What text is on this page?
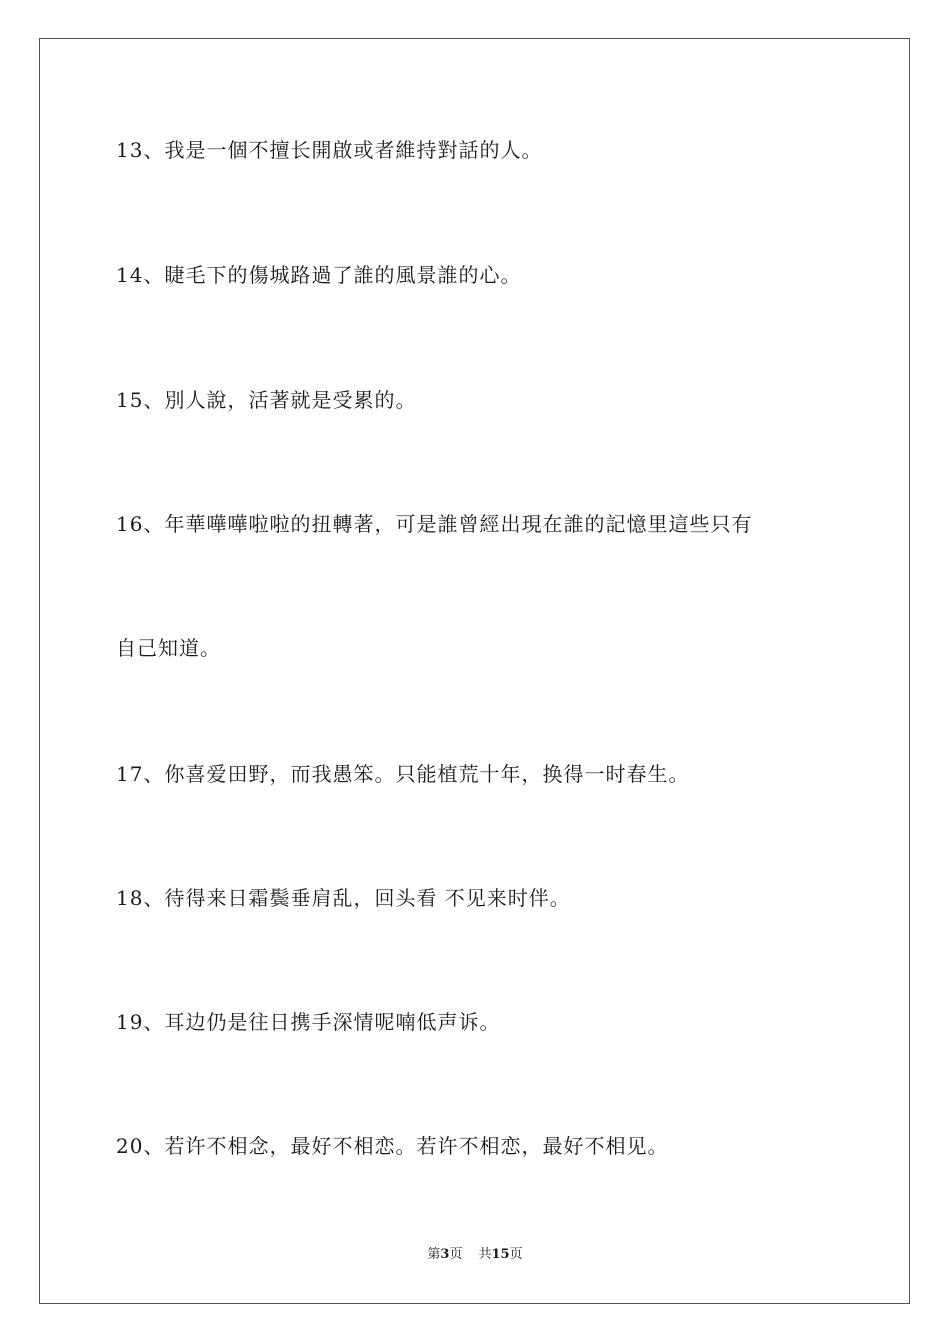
13、我是一個不擅长開啟或者維持對話的人。
14、睫毛下的傷城路過了誰的風景誰的心。
15、別人說，活著就是受累的。
16、年華嘩嘩啦啦的扭轉著，可是誰曾經出現在誰的記憶里這些只有
自己知道。
17、你喜爱田野，而我愚笨。只能植荒十年，换得一时春生。
18、待得来日霜鬓垂肩乱，回头看 不见来时伴。
19、耳边仍是往日携手深情呢喃低声诉。
20、若许不相念，最好不相恋。若许不相恋，最好不相见。
第3页 共15页
